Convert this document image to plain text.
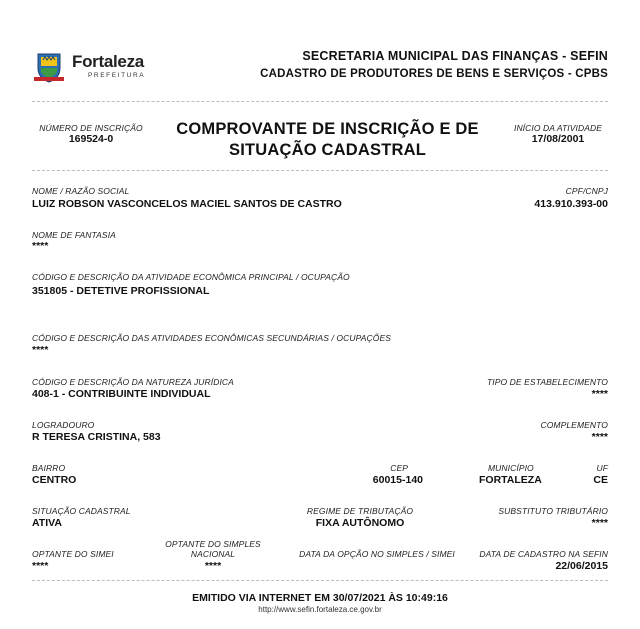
Fortaleza
PREFEITURA
SECRETARIA MUNICIPAL DAS FINANÇAS - SEFIN
CADASTRO DE PRODUTORES DE BENS E SERVIÇOS - CPBS
NÚMERO DE INSCRIÇÃO
169524-0
COMPROVANTE DE INSCRIÇÃO E DE
SITUAÇÃO CADASTRAL
INÍCIO DA ATIVIDADE
17/08/2001
NOME / RAZÃO SOCIAL
LUIZ ROBSON VASCONCELOS MACIEL SANTOS DE CASTRO
CPF/CNPJ
413.910.393-00
NOME DE FANTASIA
****
CÓDIGO E DESCRIÇÃO DA ATIVIDADE ECONÔMICA PRINCIPAL / OCUPAÇÃO
351805 - DETETIVE PROFISSIONAL
CÓDIGO E DESCRIÇÃO DAS ATIVIDADES ECONÔMICAS SECUNDÁRIAS / OCUPAÇÕES
****
CÓDIGO E DESCRIÇÃO DA NATUREZA JURÍDICA
408-1 - CONTRIBUINTE INDIVIDUAL
TIPO DE ESTABELECIMENTO
****
LOGRADOURO
R TERESA CRISTINA, 583
COMPLEMENTO
****
BAIRRO
CENTRO
CEP
60015-140
MUNICÍPIO
FORTALEZA
UF
CE
SITUAÇÃO CADASTRAL
ATIVA
REGIME DE TRIBUTAÇÃO
FIXA AUTÔNOMO
SUBSTITUTO TRIBUTÁRIO
****
OPTANTE DO SIMEI
****
OPTANTE DO SIMPLES
NACIONAL
****
DATA DA OPÇÃO NO SIMPLES / SIMEI	DATA DE CADASTRO NA SEFIN
22/06/2015
EMITIDO VIA INTERNET EM 30/07/2021 ÀS 10:49:16
http://www.sefin.fortaleza.ce.gov.br
